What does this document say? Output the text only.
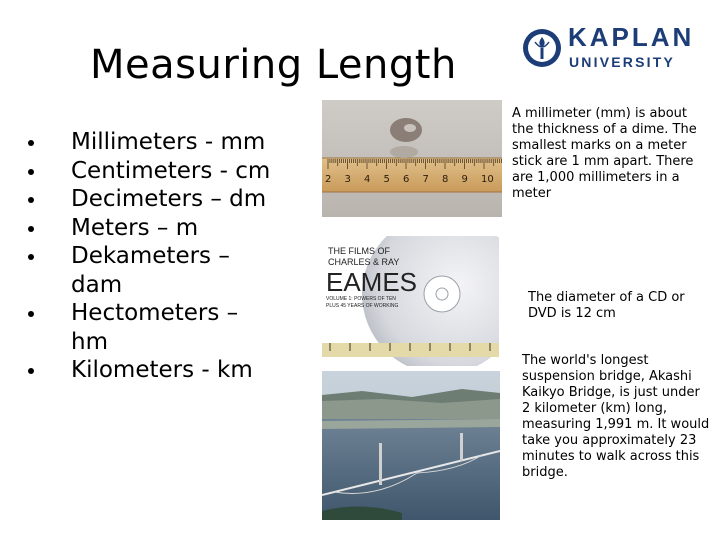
Measuring Length
KAPLAN
UNIVERSITY
Millimeters - mm
Centimeters - cm
Decimeters – dm
Meters – m
Dekameters –
dam
Hectometers –
hm
Kilometers - km
2 3 4 5 6 7 8 9 10
THE FILMS OF
CHARLES & RAY
EAMES
VOLUME 1: POWERS OF TEN
PLUS 45 YEARS OF WORKING
A millimeter (mm) is about the thickness of a dime. The smallest marks on a meter stick are 1 mm apart. There are 1,000 millimeters in a meter
The diameter of a CD or DVD is 12 cm
The world's longest suspension bridge, Akashi Kaikyo Bridge, is just under 2 kilometer (km) long, measuring 1,991 m. It would take you approximately 23 minutes to walk across this bridge.
